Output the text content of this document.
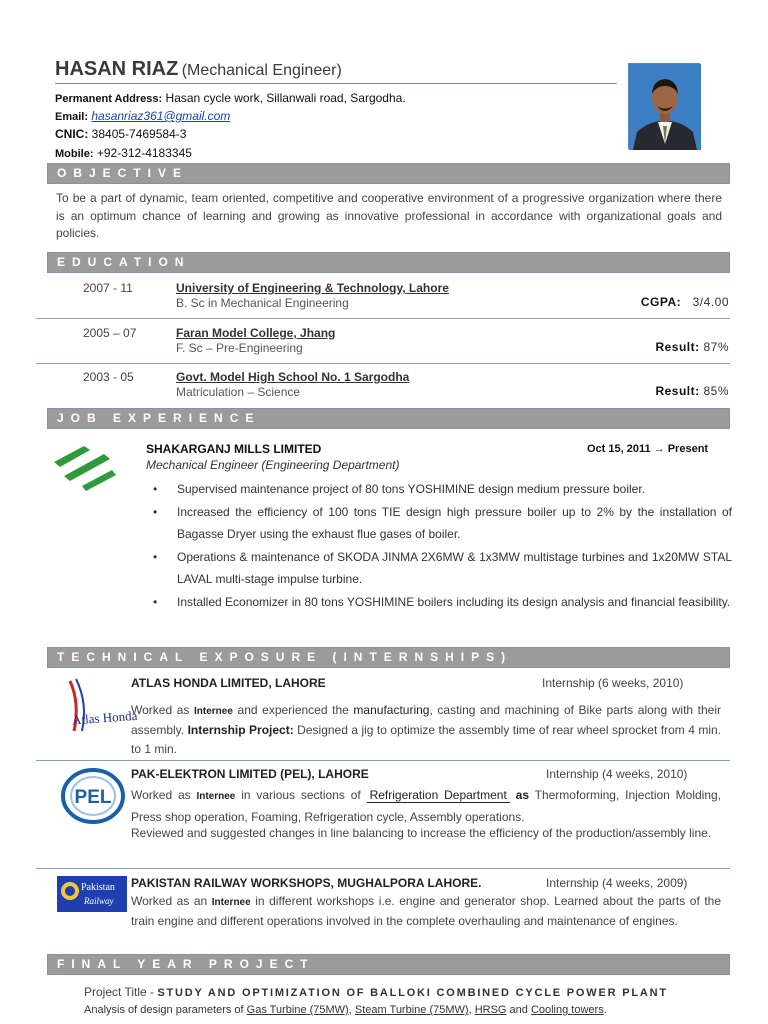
HASAN RIAZ (Mechanical Engineer)
Permanent Address: Hasan cycle work, Sillanwali road, Sargodha.
Email: hasanriaz361@gmail.com
CNIC: 38405-7469584-3
Mobile: +92-312-4183345
OBJECTIVE
To be a part of dynamic, team oriented, competitive and cooperative environment of a progressive organization where there is an optimum chance of learning and growing as innovative professional in accordance with organizational goals and policies.
EDUCATION
2007 - 11	University of Engineering & Technology, Lahore
B. Sc in Mechanical Engineering	CGPA: 3/4.00
2005 – 07	Faran Model College, Jhang
F. Sc – Pre-Engineering	Result: 87%
2003 - 05	Govt. Model High School No. 1 Sargodha
Matriculation – Science	Result: 85%
JOB EXPERIENCE
SHAKARGANJ MILLS LIMITED	Oct 15, 2011 → Present
Mechanical Engineer (Engineering Department)
• Supervised maintenance project of 80 tons YOSHIMINE design medium pressure boiler.
• Increased the efficiency of 100 tons TIE design high pressure boiler up to 2% by the installation of Bagasse Dryer using the exhaust flue gases of boiler.
• Operations & maintenance of SKODA JINMA 2X6MW & 1x3MW multistage turbines and 1x20MW STAL LAVAL multi-stage impulse turbine.
• Installed Economizer in 80 tons YOSHIMINE boilers including its design analysis and financial feasibility.
TECHNICAL EXPOSURE (INTERNSHIPS)
Atlas Honda
ATLAS HONDA LIMITED, LAHORE	Internship (6 weeks, 2010)
Worked as Internee and experienced the manufacturing, casting and machining of Bike parts along with their assembly. Internship Project: Designed a jig to optimize the assembly time of rear wheel sprocket from 4 min. to 1 min.
PEL
PAK-ELEKTRON LIMITED (PEL), LAHORE	Internship (4 weeks, 2010)
Worked as Internee in various sections of Refrigeration Department as Thermoforming, Injection Molding, Press shop operation, Foaming, Refrigeration cycle, Assembly operations.
Reviewed and suggested changes in line balancing to increase the efficiency of the production/assembly line.
Pakistan
Railway
PAKISTAN RAILWAY WORKSHOPS, MUGHALPORA LAHORE.	Internship (4 weeks, 2009)
Worked as an Internee in different workshops i.e. engine and generator shop. Learned about the parts of the train engine and different operations involved in the complete overhauling and maintenance of engines.
FINAL YEAR PROJECT
Project Title - STUDY AND OPTIMIZATION OF BALLOKI COMBINED CYCLE POWER PLANT
Analysis of design parameters of Gas Turbine (75MW), Steam Turbine (75MW), HRSG and Cooling towers.
